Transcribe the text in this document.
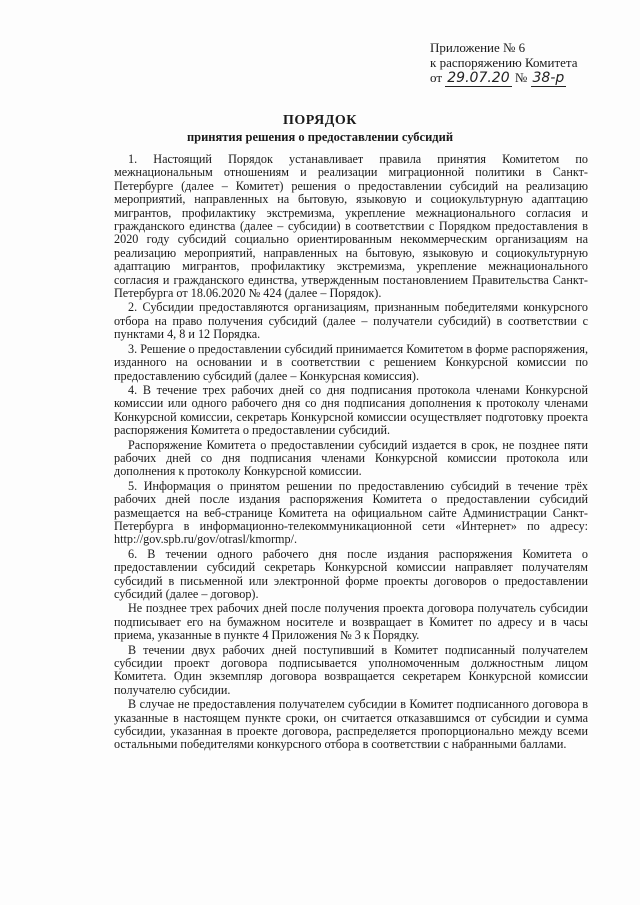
Приложение № 6
к распоряжению Комитета
от 29.07.20 № 38-р
ПОРЯДОК
принятия решения о предоставлении субсидий

1. Настоящий Порядок устанавливает правила принятия Комитетом по межнациональным отношениям и реализации миграционной политики в Санкт-Петербурге (далее – Комитет) решения о предоставлении субсидий на реализацию мероприятий, направленных на бытовую, языковую и социокультурную адаптацию мигрантов, профилактику экстремизма, укрепление межнационального согласия и гражданского единства (далее – субсидии) в соответствии с Порядком предоставления в 2020 году субсидий социально ориентированным некоммерческим организациям на реализацию мероприятий, направленных на бытовую, языковую и социокультурную адаптацию мигрантов, профилактику экстремизма, укрепление межнационального согласия и гражданского единства, утвержденным постановлением Правительства Санкт-Петербурга от 18.06.2020 № 424 (далее – Порядок).

2. Субсидии предоставляются организациям, признанным победителями конкурсного отбора на право получения субсидий (далее – получатели субсидий) в соответствии с пунктами 4, 8 и 12 Порядка.

3. Решение о предоставлении субсидий принимается Комитетом в форме распоряжения, изданного на основании и в соответствии с решением Конкурсной комиссии по предоставлению субсидий (далее – Конкурсная комиссия).

4. В течение трех рабочих дней со дня подписания протокола членами Конкурсной комиссии или одного рабочего дня со дня подписания дополнения к протоколу членами Конкурсной комиссии, секретарь Конкурсной комиссии осуществляет подготовку проекта распоряжения Комитета о предоставлении субсидий.

Распоряжение Комитета о предоставлении субсидий издается в срок, не позднее пяти рабочих дней со дня подписания членами Конкурсной комиссии протокола или дополнения к протоколу Конкурсной комиссии.

5. Информация о принятом решении по предоставлению субсидий в течение трёх рабочих дней после издания распоряжения Комитета о предоставлении субсидий размещается на веб-странице Комитета на официальном сайте Администрации Санкт-Петербурга в информационно-телекоммуникационной сети «Интернет» по адресу: http://gov.spb.ru/gov/otrasl/kmormp/.

6. В течении одного рабочего дня после издания распоряжения Комитета о предоставлении субсидий секретарь Конкурсной комиссии направляет получателям субсидий в письменной или электронной форме проекты договоров о предоставлении субсидий (далее – договор).

Не позднее трех рабочих дней после получения проекта договора получатель субсидии подписывает его на бумажном носителе и возвращает в Комитет по адресу и в часы приема, указанные в пункте 4 Приложения № 3 к Порядку.

В течении двух рабочих дней поступивший в Комитет подписанный получателем субсидии проект договора подписывается уполномоченным должностным лицом Комитета. Один экземпляр договора возвращается секретарем Конкурсной комиссии получателю субсидии.

В случае не предоставления получателем субсидии в Комитет подписанного договора в указанные в настоящем пункте сроки, он считается отказавшимся от субсидии и сумма субсидии, указанная в проекте договора, распределяется пропорционально между всеми остальными победителями конкурсного отбора в соответствии с набранными баллами.
